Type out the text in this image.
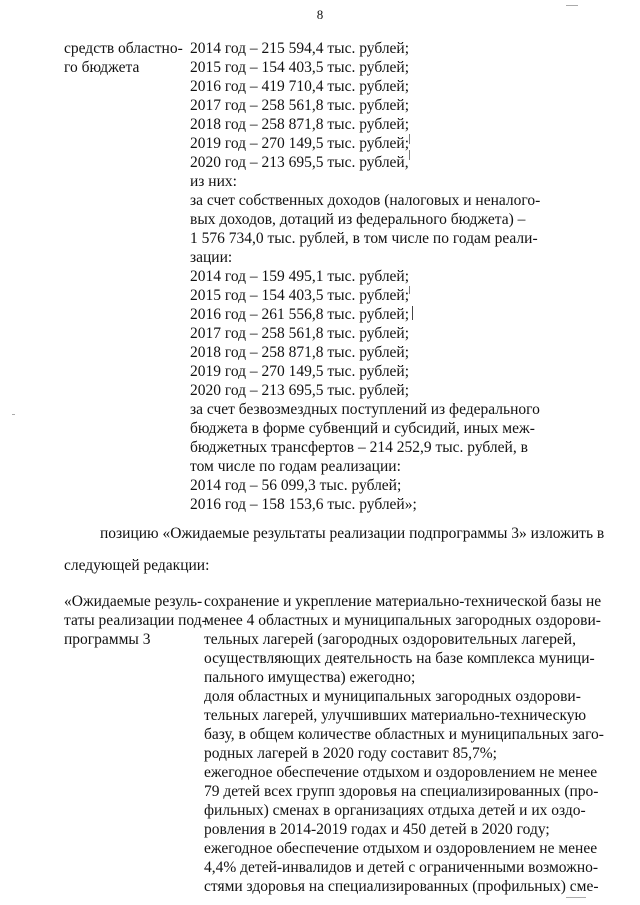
8
средств областно-
го бюджета
2014 год – 215 594,4 тыс. рублей;
2015 год – 154 403,5 тыс. рублей;
2016 год – 419 710,4 тыс. рублей;
2017 год – 258 561,8 тыс. рублей;
2018 год – 258 871,8 тыс. рублей;
2019 год – 270 149,5 тыс. рублей;
2020 год – 213 695,5 тыс. рублей,
из них:
за счет собственных доходов (налоговых и неналого-
вых доходов, дотаций из федерального бюджета) –
1 576 734,0 тыс. рублей, в том числе по годам реали-
зации:
2014 год – 159 495,1 тыс. рублей;
2015 год – 154 403,5 тыс. рублей;
2016 год – 261 556,8 тыс. рублей;
2017 год – 258 561,8 тыс. рублей;
2018 год – 258 871,8 тыс. рублей;
2019 год – 270 149,5 тыс. рублей;
2020 год – 213 695,5 тыс. рублей;
за счет безвозмездных поступлений из федерального
бюджета в форме субвенций и субсидий, иных меж-
бюджетных трансфертов – 214 252,9 тыс. рублей, в
том числе по годам реализации:
2014 год – 56 099,3 тыс. рублей;
2016 год – 158 153,6 тыс. рублей»;
позицию «Ожидаемые результаты реализации подпрограммы 3» изложить в
следующей редакции:
«Ожидаемые резуль-
таты реализации под-
программы 3
сохранение и укрепление материально-технической базы не
менее 4 областных и муниципальных загородных оздорови-
тельных лагерей (загородных оздоровительных лагерей,
осуществляющих деятельность на базе комплекса муници-
пального имущества) ежегодно;
доля областных и муниципальных загородных оздорови-
тельных лагерей, улучшивших материально-техническую
базу, в общем количестве областных и муниципальных заго-
родных лагерей в 2020 году составит 85,7%;
ежегодное обеспечение отдыхом и оздоровлением не менее
79 детей всех групп здоровья на специализированных (про-
фильных) сменах в организациях отдыха детей и их оздо-
ровления в 2014-2019 годах и 450 детей в 2020 году;
ежегодное обеспечение отдыхом и оздоровлением не менее
4,4% детей-инвалидов и детей с ограниченными возможно-
стями здоровья на специализированных (профильных) сме-
